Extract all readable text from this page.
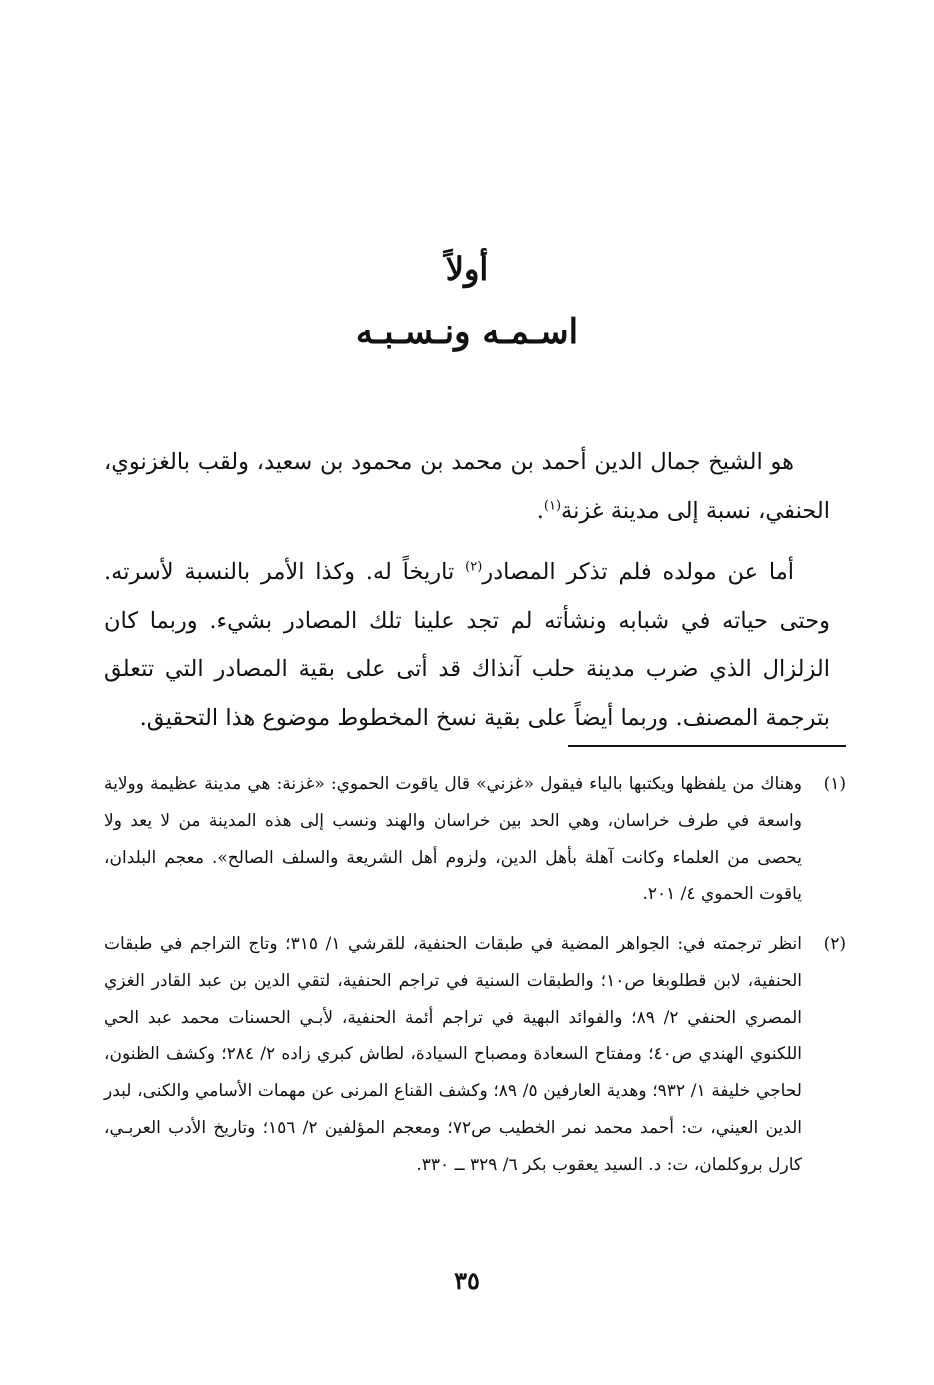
أولاً
اسـمـه ونـسـبـه

هو الشيخ جمال الدين أحمد بن محمد بن محمود بن سعيد، ولقب بالغزنوي، الحنفي، نسبة إلى مدينة غزنة$^{(١)}$.

أما عن مولده فلم تذكر المصادر$^{(٢)}$ تاريخاً له. وكذا الأمر بالنسبة لأسرته. وحتى حياته في شبابه ونشأته لم تجد علينا تلك المصادر بشيء. وربما كان الزلزال الذي ضرب مدينة حلب آنذاك قد أتى على بقية المصادر التي تتعلق بترجمة المصنف. وربما أيضاً على بقية نسخ المخطوط موضوع هذا التحقيق.

(١)
وهناك من يلفظها ويكتبها بالياء فيقول «غزني» قال ياقوت الحموي: «غزنة: هي مدينة عظيمة وولاية واسعة في طرف خراسان، وهي الحد بين خراسان والهند ونسب إلى هذه المدينة من لا يعد ولا يحصى من العلماء وكانت آهلة بأهل الدين، ولزوم أهل الشريعة والسلف الصالح». معجم البلدان، ياقوت الحموي ٤/ ٢٠١.
(٢)
انظر ترجمته في: الجواهر المضية في طبقات الحنفية، للقرشي ١/ ٣١٥؛ وتاج التراجم في طبقات الحنفية، لابن قطلوبغا ص١٠؛ والطبقات السنية في تراجم الحنفية، لتقي الدين بن عبد القادر الغزي المصري الحنفي ٢/ ٨٩؛ والفوائد البهية في تراجم أئمة الحنفية، لأبـي الحسنات محمد عبد الحي اللكنوي الهندي ص٤٠؛ ومفتاح السعادة ومصباح السيادة، لطاش كبري زاده ٢/ ٢٨٤؛ وكشف الظنون، لحاجي خليفة ١/ ٩٣٢؛ وهدية العارفين ٥/ ٨٩؛ وكشف القناع المرنى عن مهمات الأسامي والكنى، لبدر الدين العيني، ت: أحمد محمد نمر الخطيب ص٧٢؛ ومعجم المؤلفين ٢/ ١٥٦؛ وتاريخ الأدب العربـي، كارل بروكلمان، ت: د. السيد يعقوب بكر ٦/ ٣٢٩ ــ ٣٣٠.
٣٥
